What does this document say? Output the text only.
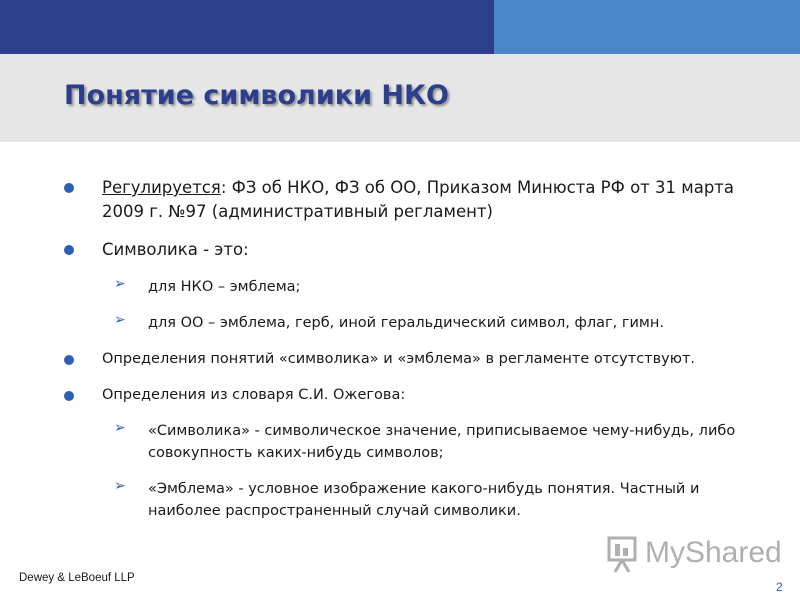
Понятие символики НКО
Регулируется: ФЗ об НКО, ФЗ об ОО, Приказом Минюста РФ от 31 марта 2009 г. №97 (административный регламент)
Символика - это:
➢ для НКО – эмблема;
➢ для ОО – эмблема, герб, иной геральдический символ, флаг, гимн.
Определения понятий «символика» и «эмблема» в регламенте отсутствуют.
Определения из словаря С.И. Ожегова:
➢ «Символика» - символическое значение, приписываемое чему-нибудь, либо совокупность каких-нибудь символов;
➢ «Эмблема» - условное изображение какого-нибудь понятия. Частный и наиболее распространенный случай символики.
MyShared
Dewey & LeBoeuf LLP
2
